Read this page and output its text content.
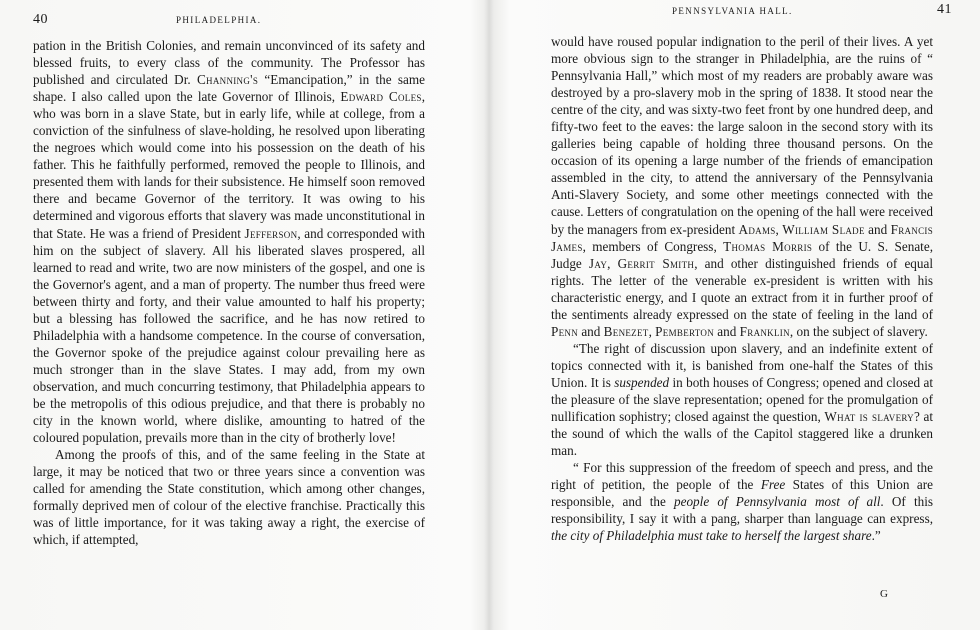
40	PHILADELPHIA.

pation in the British Colonies, and remain unconvinced of its safety and blessed fruits, to every class of the community. The Professor has published and circulated Dr. Channing's “Emancipation,” in the same shape. I also called upon the late Governor of Illinois, Edward Coles, who was born in a slave State, but in early life, while at college, from a conviction of the sinfulness of slave-holding, he resolved upon liberating the negroes which would come into his possession on the death of his father. This he faithfully performed, removed the people to Illinois, and presented them with lands for their subsistence. He himself soon removed there and became Governor of the territory. It was owing to his determined and vigorous efforts that slavery was made unconstitutional in that State. He was a friend of President Jefferson, and corresponded with him on the subject of slavery. All his liberated slaves prospered, all learned to read and write, two are now ministers of the gospel, and one is the Governor's agent, and a man of property. The number thus freed were between thirty and forty, and their value amounted to half his property; but a blessing has followed the sacrifice, and he has now retired to Philadelphia with a handsome competence. In the course of conversation, the Governor spoke of the prejudice against colour prevailing here as much stronger than in the slave States. I may add, from my own observation, and much concurring testimony, that Philadelphia appears to be the metropolis of this odious prejudice, and that there is probably no city in the known world, where dislike, amounting to hatred of the coloured population, prevails more than in the city of brotherly love!

Among the proofs of this, and of the same feeling in the State at large, it may be noticed that two or three years since a convention was called for amending the State constitution, which among other changes, formally deprived men of colour of the elective franchise. Practically this was of little importance, for it was taking away a right, the exercise of which, if attempted,

PENNSYLVANIA HALL.	41

would have roused popular indignation to the peril of their lives. A yet more obvious sign to the stranger in Philadelphia, are the ruins of “ Pennsylvania Hall,” which most of my readers are probably aware was destroyed by a pro-slavery mob in the spring of 1838. It stood near the centre of the city, and was sixty-two feet front by one hundred deep, and fifty-two feet to the eaves: the large saloon in the second story with its galleries being capable of holding three thousand persons. On the occasion of its opening a large number of the friends of emancipation assembled in the city, to attend the anniversary of the Pennsylvania Anti-Slavery Society, and some other meetings connected with the cause. Letters of congratulation on the opening of the hall were received by the managers from ex-president Adams, William Slade and Francis James, members of Congress, Thomas Morris of the U. S. Senate, Judge Jay, Gerrit Smith, and other distinguished friends of equal rights. The letter of the venerable ex-president is written with his characteristic energy, and I quote an extract from it in further proof of the sentiments already expressed on the state of feeling in the land of Penn and Benezet, Pemberton and Franklin, on the subject of slavery.

“The right of discussion upon slavery, and an indefinite extent of topics connected with it, is banished from one-half the States of this Union. It is suspended in both houses of Congress; opened and closed at the pleasure of the slave representation; opened for the promulgation of nullification sophistry; closed against the question, What is slavery? at the sound of which the walls of the Capitol staggered like a drunken man.

“ For this suppression of the freedom of speech and press, and the right of petition, the people of the Free States of this Union are responsible, and the people of Pennsylvania most of all. Of this responsibility, I say it with a pang, sharper than language can express, the city of Philadelphia must take to herself the largest share.”

G
